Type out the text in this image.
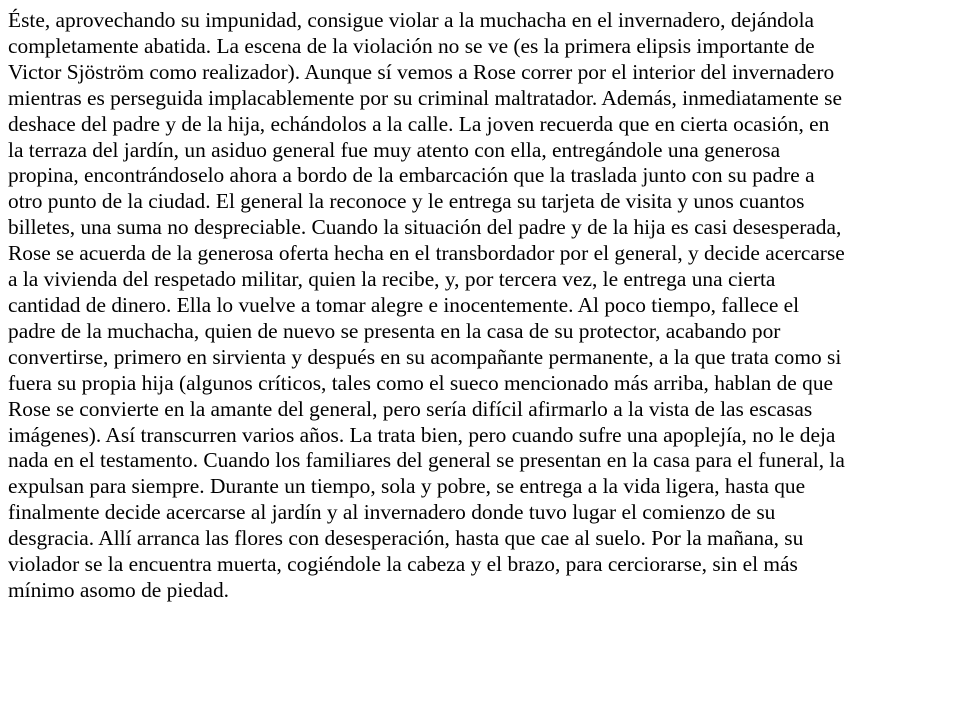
Éste, aprovechando su impunidad, consigue violar a la muchacha en el invernadero, dejándola
completamente abatida. La escena de la violación no se ve (es la primera elipsis importante de
Victor Sjöström como realizador). Aunque sí vemos a Rose correr por el interior del invernadero
mientras es perseguida implacablemente por su criminal maltratador. Además, inmediatamente se
deshace del padre y de la hija, echándolos a la calle. La joven recuerda que en cierta ocasión, en
la terraza del jardín, un asiduo general fue muy atento con ella, entregándole una generosa
propina, encontrándoselo ahora a bordo de la embarcación que la traslada junto con su padre a
otro punto de la ciudad. El general la reconoce y le entrega su tarjeta de visita y unos cuantos
billetes, una suma no despreciable. Cuando la situación del padre y de la hija es casi desesperada,
Rose se acuerda de la generosa oferta hecha en el transbordador por el general, y decide acercarse
a la vivienda del respetado militar, quien la recibe, y, por tercera vez, le entrega una cierta
cantidad de dinero. Ella lo vuelve a tomar alegre e inocentemente. Al poco tiempo, fallece el
padre de la muchacha, quien de nuevo se presenta en la casa de su protector, acabando por
convertirse, primero en sirvienta y después en su acompañante permanente, a la que trata como si
fuera su propia hija (algunos críticos, tales como el sueco mencionado más arriba, hablan de que
Rose se convierte en la amante del general, pero sería difícil afirmarlo a la vista de las escasas
imágenes). Así transcurren varios años. La trata bien, pero cuando sufre una apoplejía, no le deja
nada en el testamento. Cuando los familiares del general se presentan en la casa para el funeral, la
expulsan para siempre. Durante un tiempo, sola y pobre, se entrega a la vida ligera, hasta que
finalmente decide acercarse al jardín y al invernadero donde tuvo lugar el comienzo de su
desgracia. Allí arranca las flores con desesperación, hasta que cae al suelo. Por la mañana, su
violador se la encuentra muerta, cogiéndole la cabeza y el brazo, para cerciorarse, sin el más
mínimo asomo de piedad.
